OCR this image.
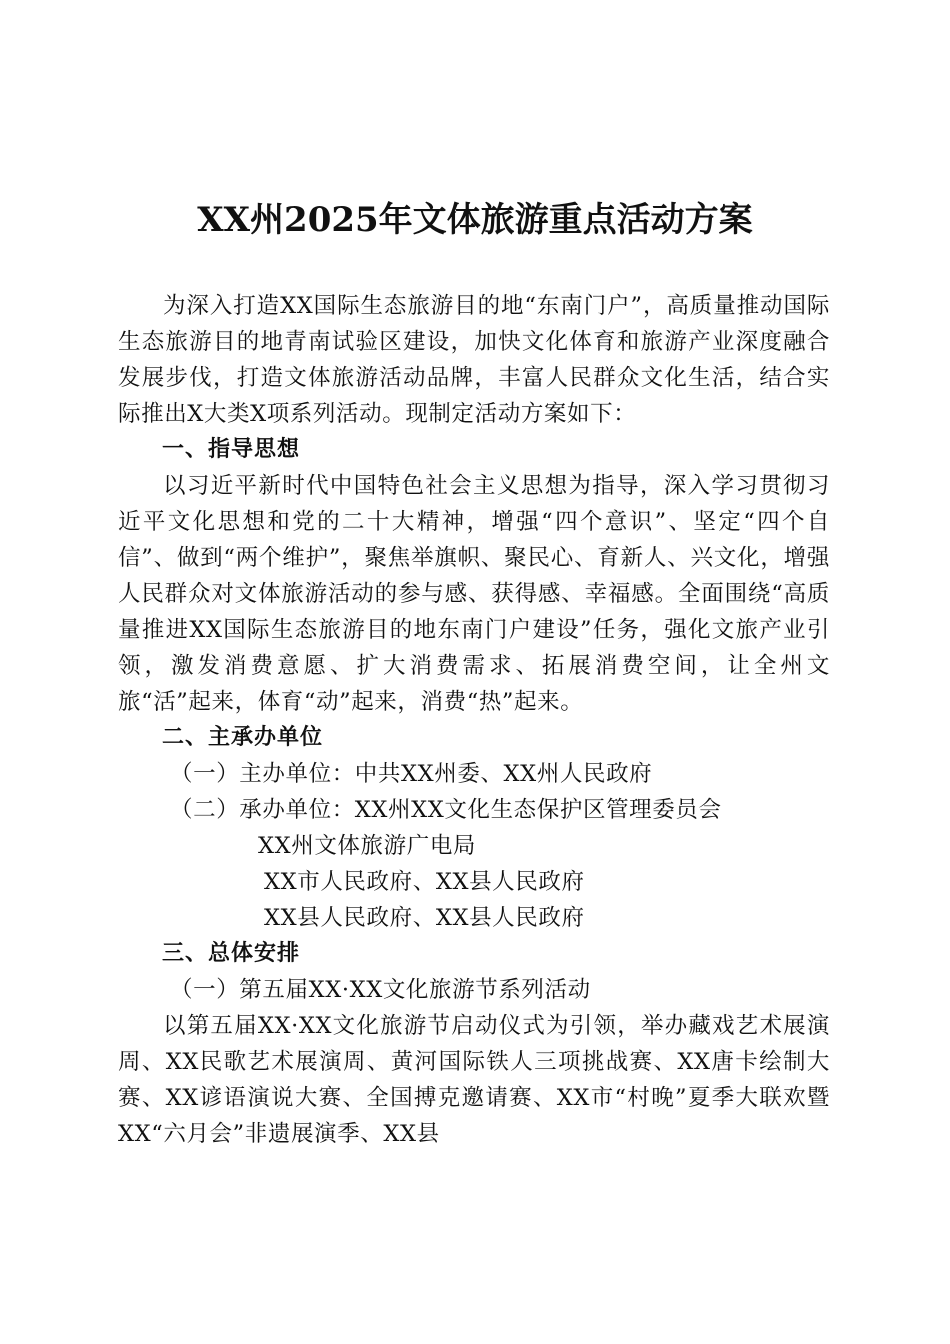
XX州2025年文体旅游重点活动方案

为深入打造XX国际生态旅游目的地“东南门户”，高质量推动国际生态旅游目的地青南试验区建设，加快文化体育和旅游产业深度融合发展步伐，打造文体旅游活动品牌，丰富人民群众文化生活，结合实际推出X大类X项系列活动。现制定活动方案如下：

一、指导思想

以习近平新时代中国特色社会主义思想为指导，深入学习贯彻习近平文化思想和党的二十大精神，增强“四个意识”、坚定“四个自信”、做到“两个维护”，聚焦举旗帜、聚民心、育新人、兴文化，增强人民群众对文体旅游活动的参与感、获得感、幸福感。全面围绕“高质量推进XX国际生态旅游目的地东南门户建设”任务，强化文旅产业引领，激发消费意愿、扩大消费需求、拓展消费空间，让全州文旅“活”起来，体育“动”起来，消费“热”起来。

二、主承办单位

（一）主办单位：中共XX州委、XX州人民政府

（二）承办单位：XX州XX文化生态保护区管理委员会

XX州文体旅游广电局

XX市人民政府、XX县人民政府

XX县人民政府、XX县人民政府

三、总体安排

（一）第五届XX·XX文化旅游节系列活动

以第五届XX·XX文化旅游节启动仪式为引领，举办藏戏艺术展演周、XX民歌艺术展演周、黄河国际铁人三项挑战赛、XX唐卡绘制大赛、XX谚语演说大赛、全国搏克邀请赛、XX市“村晚”夏季大联欢暨XX“六月会”非遗展演季、XX县
